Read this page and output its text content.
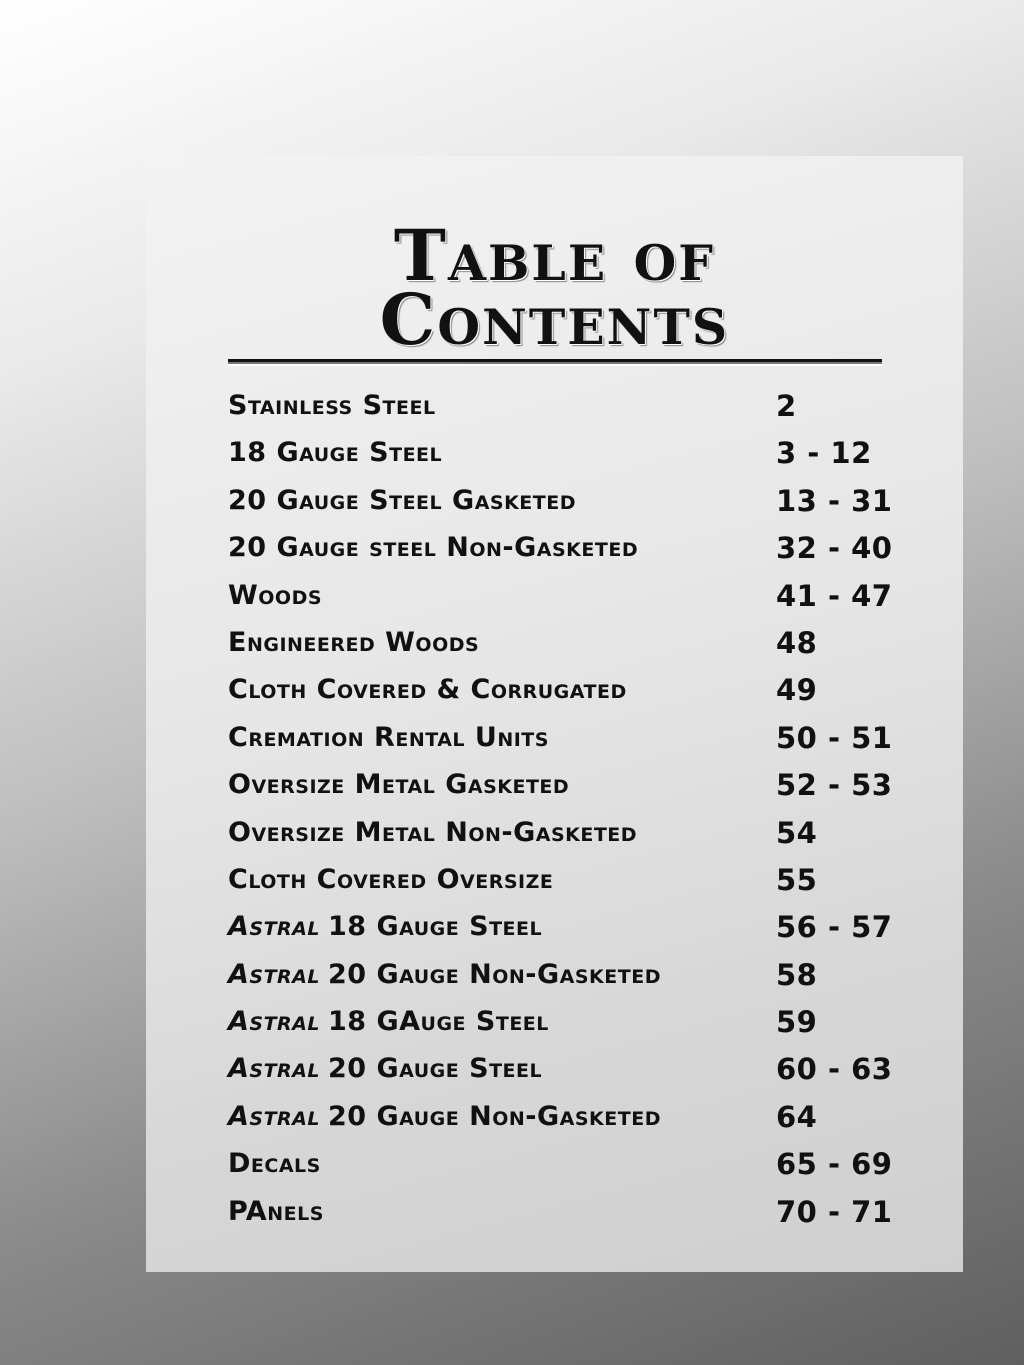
Table of
Contents
Stainless Steel	2
18 Gauge Steel	3 - 12
20 Gauge Steel Gasketed	13 - 31
20 Gauge steel Non-Gasketed	32 - 40
Woods	41 - 47
Engineered Woods	48
Cloth Covered & Corrugated	49
Cremation Rental Units	50 - 51
Oversize Metal Gasketed	52 - 53
Oversize Metal Non-Gasketed	54
Cloth Covered Oversize	55
Astral 18 Gauge Steel	56 - 57
Astral 20 Gauge Non-Gasketed	58
Astral 18 GAuge Steel	59
Astral 20 Gauge Steel	60 - 63
Astral 20 Gauge Non-Gasketed	64
Decals	65 - 69
PAnels	70 - 71
